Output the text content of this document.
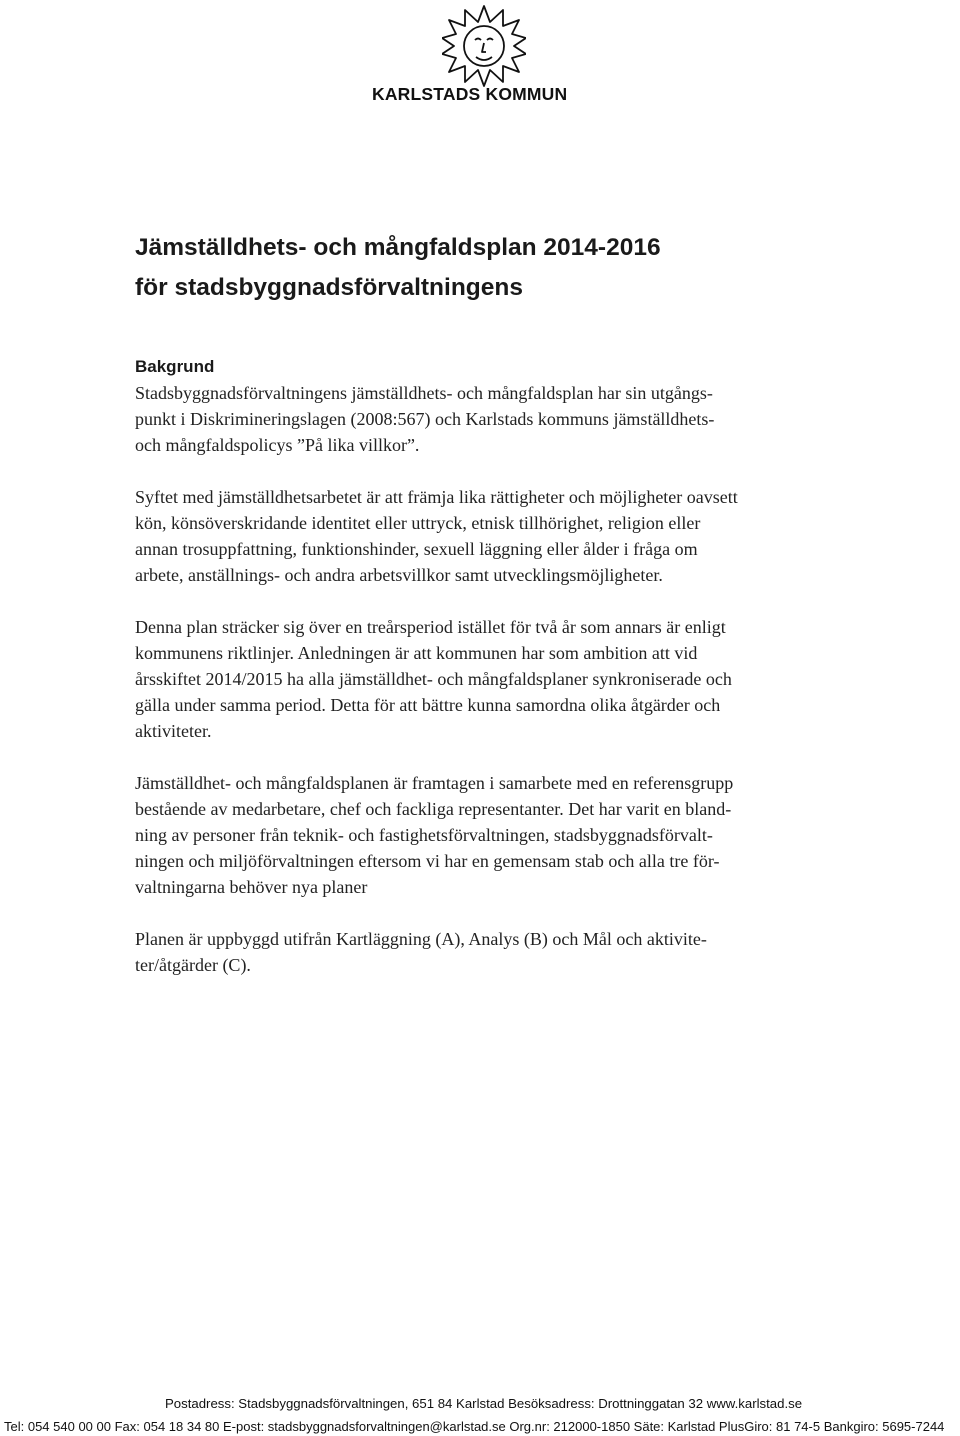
KARLSTADS KOMMUN
Jämställdhets- och mångfaldsplan 2014-2016
för stadsbyggnadsförvaltningens
Bakgrund

Stadsbyggnadsförvaltningens jämställdhets- och mångfaldsplan har sin utgångs-
punkt i Diskrimineringslagen (2008:567) och Karlstads kommuns jämställdhets-
och mångfaldspolicys ”På lika villkor”.

Syftet med jämställdhetsarbetet är att främja lika rättigheter och möjligheter oavsett
kön, könsöverskridande identitet eller uttryck, etnisk tillhörighet, religion eller
annan trosuppfattning, funktionshinder, sexuell läggning eller ålder i fråga om
arbete, anställnings- och andra arbetsvillkor samt utvecklingsmöjligheter.

Denna plan sträcker sig över en treårsperiod istället för två år som annars är enligt
kommunens riktlinjer. Anledningen är att kommunen har som ambition att vid
årsskiftet 2014/2015 ha alla jämställdhet- och mångfaldsplaner synkroniserade och
gälla under samma period. Detta för att bättre kunna samordna olika åtgärder och
aktiviteter.

Jämställdhet- och mångfaldsplanen är framtagen i samarbete med en referensgrupp
bestående av medarbetare, chef och fackliga representanter. Det har varit en bland-
ning av personer från teknik- och fastighetsförvaltningen, stadsbyggnadsförvalt-
ningen och miljöförvaltningen eftersom vi har en gemensam stab och alla tre för-
valtningarna behöver nya planer

Planen är uppbyggd utifrån Kartläggning (A), Analys (B) och Mål och aktivite-
ter/åtgärder (C).

Postadress: Stadsbyggnadsförvaltningen, 651 84 Karlstad Besöksadress: Drottninggatan 32 www.karlstad.se
Tel: 054 540 00 00 Fax: 054 18 34 80 E-post: stadsbyggnadsforvaltningen@karlstad.se Org.nr: 212000-1850 Säte: Karlstad PlusGiro: 81 74-5 Bankgiro: 5695-7244
